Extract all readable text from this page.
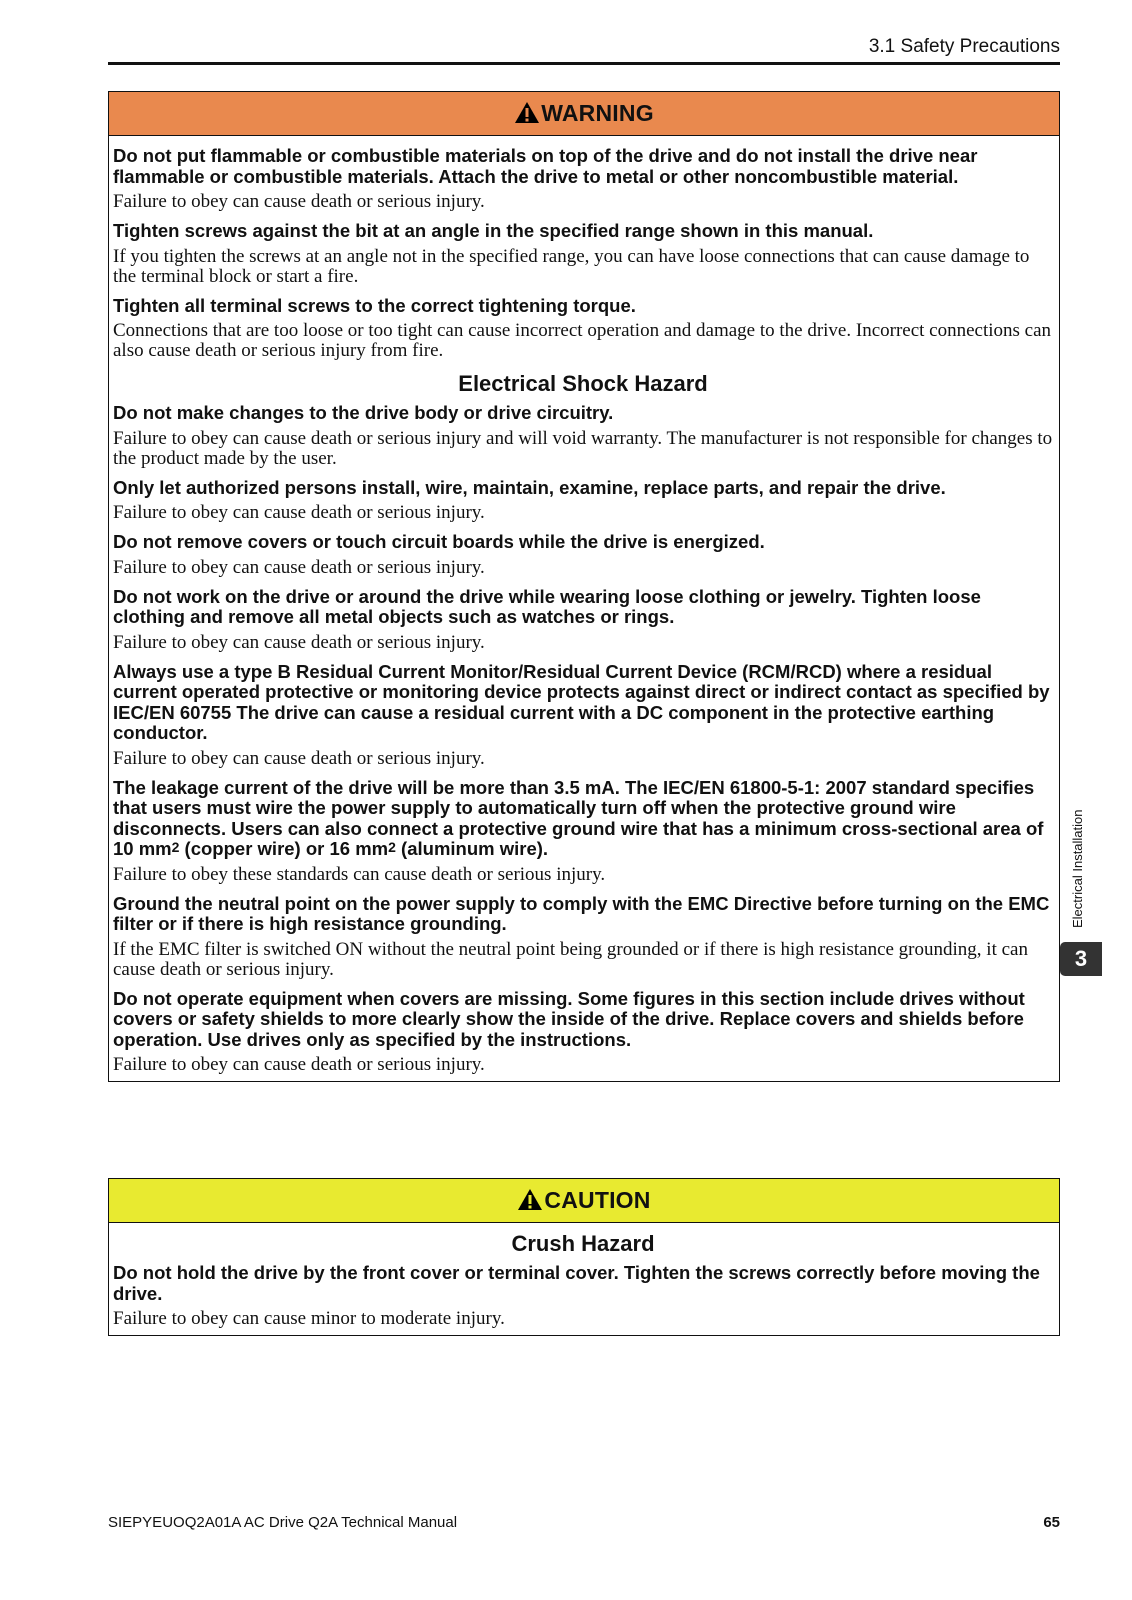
3.1 Safety Precautions
WARNING
Do not put flammable or combustible materials on top of the drive and do not install the drive near flammable or combustible materials. Attach the drive to metal or other noncombustible material.
Failure to obey can cause death or serious injury.
Tighten screws against the bit at an angle in the specified range shown in this manual.
If you tighten the screws at an angle not in the specified range, you can have loose connections that can cause damage to the terminal block or start a fire.
Tighten all terminal screws to the correct tightening torque.
Connections that are too loose or too tight can cause incorrect operation and damage to the drive. Incorrect connections can also cause death or serious injury from fire.
Electrical Shock Hazard
Do not make changes to the drive body or drive circuitry.
Failure to obey can cause death or serious injury and will void warranty. The manufacturer is not responsible for changes to the product made by the user.
Only let authorized persons install, wire, maintain, examine, replace parts, and repair the drive.
Failure to obey can cause death or serious injury.
Do not remove covers or touch circuit boards while the drive is energized.
Failure to obey can cause death or serious injury.
Do not work on the drive or around the drive while wearing loose clothing or jewelry. Tighten loose clothing and remove all metal objects such as watches or rings.
Failure to obey can cause death or serious injury.
Always use a type B Residual Current Monitor/Residual Current Device (RCM/RCD) where a residual current operated protective or monitoring device protects against direct or indirect contact as specified by IEC/EN 60755 The drive can cause a residual current with a DC component in the protective earthing conductor.
Failure to obey can cause death or serious injury.
The leakage current of the drive will be more than 3.5 mA. The IEC/EN 61800-5-1: 2007 standard specifies that users must wire the power supply to automatically turn off when the protective ground wire disconnects. Users can also connect a protective ground wire that has a minimum cross-sectional area of 10 $mm^2$ (copper wire) or 16 $mm^2$ (aluminum wire).
Failure to obey these standards can cause death or serious injury.
Ground the neutral point on the power supply to comply with the EMC Directive before turning on the EMC filter or if there is high resistance grounding.
If the EMC filter is switched ON without the neutral point being grounded or if there is high resistance grounding, it can cause death or serious injury.
Do not operate equipment when covers are missing. Some figures in this section include drives without covers or safety shields to more clearly show the inside of the drive. Replace covers and shields before operation. Use drives only as specified by the instructions.
Failure to obey can cause death or serious injury.
CAUTION
Crush Hazard
Do not hold the drive by the front cover or terminal cover. Tighten the screws correctly before moving the drive.
Failure to obey can cause minor to moderate injury.
Electrical Installation
3
SIEPYEUOQ2A01A AC Drive Q2A Technical Manual	65
